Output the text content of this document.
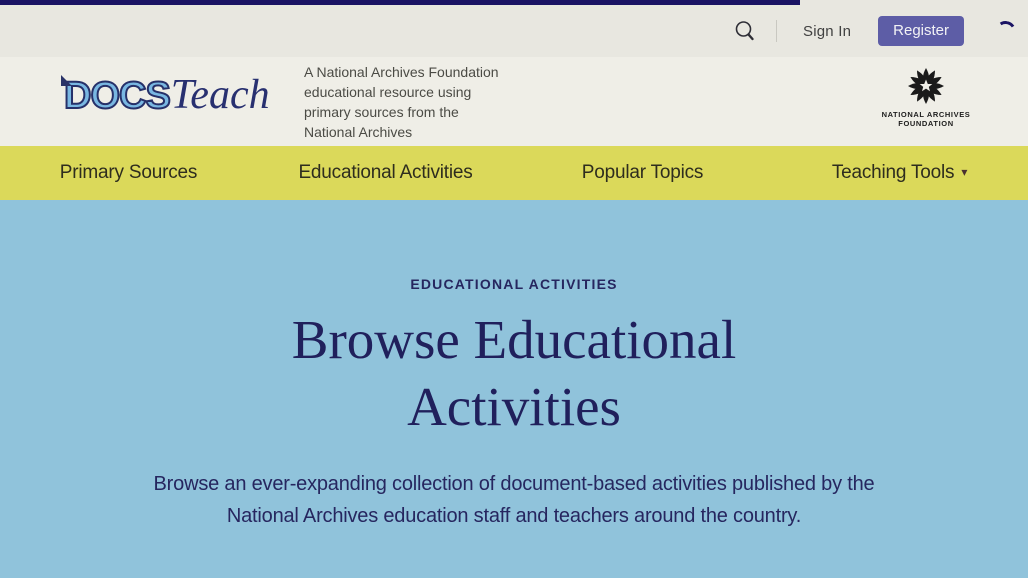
Sign In	Register
DOCSTeach A National Archives Foundation educational resource using primary sources from the National Archives

NATIONAL ARCHIVES
FOUNDATION
Primary Sources	Educational Activities	Popular Topics	Teaching Tools ▾
EDUCATIONAL ACTIVITIES
Browse Educational
Activities

Browse an ever-expanding collection of document-based activities published by the National Archives education staff and teachers around the country.
